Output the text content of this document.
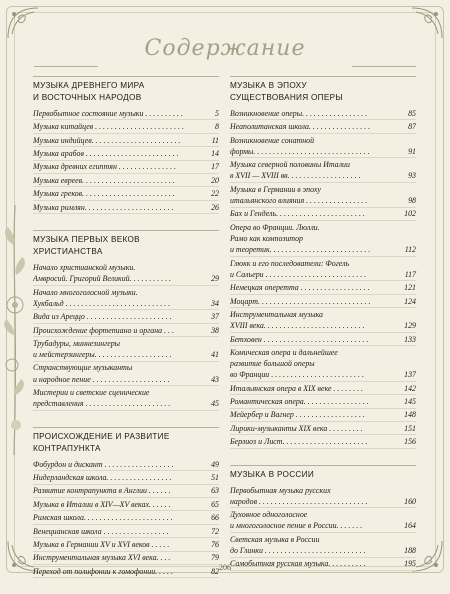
Содержание
МУЗЫКА ДРЕВНЕГО МИРА
И ВОСТОЧНЫХ НАРОДОВ
Первобытное состояние музыки . . . . . . . . . .	5
Музыка китайцев . . . . . . . . . . . . . . . . . . . . . . .	8
Музыка индийцев. . . . . . . . . . . . . . . . . . . . . . .	11
Музыка арабов . . . . . . . . . . . . . . . . . . . . . . . .	14
Музыка древних египтян . . . . . . . . . . . . . . .	17
Музыка евреев. . . . . . . . . . . . . . . . . . . . . . . .	20
Музыка греков. . . . . . . . . . . . . . . . . . . . . . . .	22
Музыка римлян. . . . . . . . . . . . . . . . . . . . . . .	26
МУЗЫКА ПЕРВЫХ ВЕКОВ
ХРИСТИАНСТВА
Начало христианской музыки.
Амвросий. Григорий Великий. . . . . . . . . . .	29
Начало многоголосной музыки.
Хукбальд . . . . . . . . . . . . . . . . . . . . . . . . . . .	34
Вида из Ареццо . . . . . . . . . . . . . . . . . . . . . .	37
Происхождение фортепиано и органа . . .	38
Трубадуры, миннезингеры
и мейстерзингеры. . . . . . . . . . . . . . . . . . . .	41
Странствующие музыканты
и народное пение . . . . . . . . . . . . . . . . . . . .	43
Мистерии и светские сценические
представления . . . . . . . . . . . . . . . . . . . . . .	45
ПРОИСХОЖДЕНИЕ И РАЗВИТИЕ
КОНТРАПУНКТА
Фобурдон и дискант . . . . . . . . . . . . . . . . . .	49
Нидерландская школа. . . . . . . . . . . . . . . . .	51
Развитие контрапункта в Англии . . . . . .	63
Музыка в Италии в XIV—XV веках. . . . . .	65
Римская школа. . . . . . . . . . . . . . . . . . . . . . .	66
Венецианская школа . . . . . . . . . . . . . . . . .	72
Музыка в Германии XV и XVI веков . . . . .	76
Инструментальная музыка XVI века. . . .	79
Переход от полифонии к гомофонии. . . . .	82
МУЗЫКА В ЭПОХУ
СУЩЕСТВОВАНИЯ ОПЕРЫ
Возникновение оперы. . . . . . . . . . . . . . . . .	85
Неаполитанская школа. . . . . . . . . . . . . . . .	87
Возникновение сонатной
формы. . . . . . . . . . . . . . . . . . . . . . . . . . . . . .	91
Музыка северной половины Италии
в XVII — XVIII вв. . . . . . . . . . . . . . . . . . .	93
Музыка в Германии в эпоху
итальянского влияния . . . . . . . . . . . . . . . .	98
Бах и Гендель. . . . . . . . . . . . . . . . . . . . . . .	102
Опера во Франции. Люлли.
Рамо как композитор
и теоретик. . . . . . . . . . . . . . . . . . . . . . . . . .	112
Глюкк и его последователи: Фогель
и Сальери . . . . . . . . . . . . . . . . . . . . . . . . . .	117
Немецкая оперетта . . . . . . . . . . . . . . . . . .	121
Моцарт. . . . . . . . . . . . . . . . . . . . . . . . . . . . .	124
Инструментальная музыка
XVIII века. . . . . . . . . . . . . . . . . . . . . . . . . .	129
Бетховен . . . . . . . . . . . . . . . . . . . . . . . . . . .	133
Комическая опера и дальнейшее
развитие большой оперы
во Франции . . . . . . . . . . . . . . . . . . . . . . . .	137
Итальянская опера в XIX веке . . . . . . . .	142
Романтическая опера. . . . . . . . . . . . . . . . .	145
Мейербер и Вагнер . . . . . . . . . . . . . . . . . .	148
Лирики-музыканты XIX века . . . . . . . . .	151
Берлиоз и Лист. . . . . . . . . . . . . . . . . . . . . .	156
МУЗЫКА В РОССИИ
Первобытная музыка русских
народов . . . . . . . . . . . . . . . . . . . . . . . . . . . .	160
Духовное одноголосное
и многоголосное пение в России. . . . . . .	164
Светская музыка в России
до Глинки . . . . . . . . . . . . . . . . . . . . . . . . . .	188
Самобытная русская музыка. . . . . . . . . .	195
206
